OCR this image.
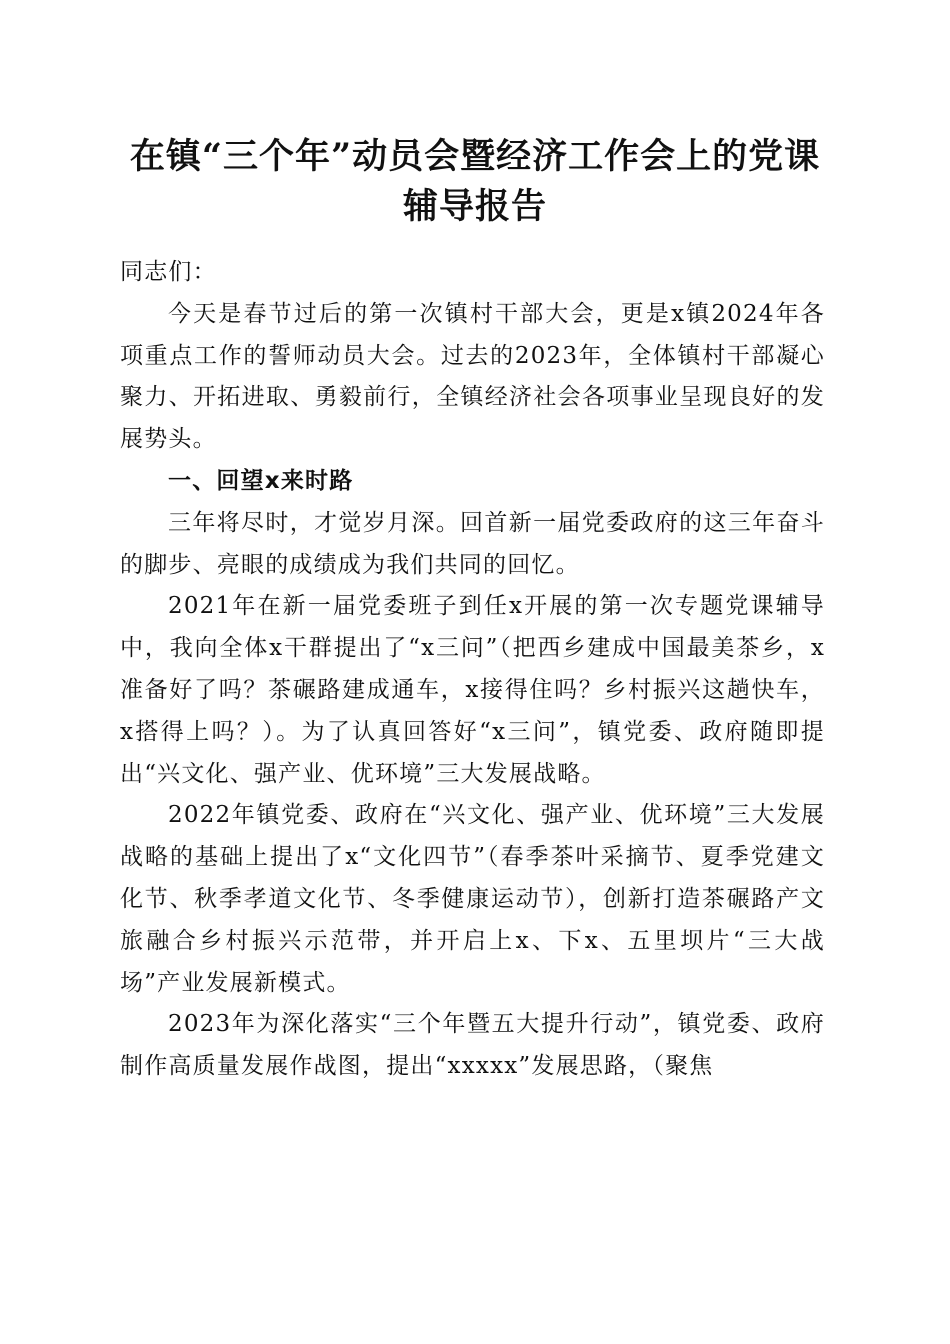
在镇“三个年”动员会暨经济工作会上的党课
辅导报告

同志们：

今天是春节过后的第一次镇村干部大会，更是x镇2024年各项重点工作的誓师动员大会。过去的2023年，全体镇村干部凝心聚力、开拓进取、勇毅前行，全镇经济社会各项事业呈现良好的发展势头。

一、回望x来时路

三年将尽时，才觉岁月深。回首新一届党委政府的这三年奋斗的脚步、亮眼的成绩成为我们共同的回忆。

2021年在新一届党委班子到任x开展的第一次专题党课辅导中，我向全体x干群提出了“x三问”（把西乡建成中国最美茶乡，x准备好了吗？茶碾路建成通车，x接得住吗？乡村振兴这趟快车，x搭得上吗？）。为了认真回答好“x三问”，镇党委、政府随即提出“兴文化、强产业、优环境”三大发展战略。

2022年镇党委、政府在“兴文化、强产业、优环境”三大发展战略的基础上提出了x“文化四节”（春季茶叶采摘节、夏季党建文化节、秋季孝道文化节、冬季健康运动节），创新打造茶碾路产文旅融合乡村振兴示范带，并开启上x、下x、五里坝片“三大战场”产业发展新模式。

2023年为深化落实“三个年暨五大提升行动”，镇党委、政府制作高质量发展作战图，提出“xxxxx”发展思路，（聚焦
